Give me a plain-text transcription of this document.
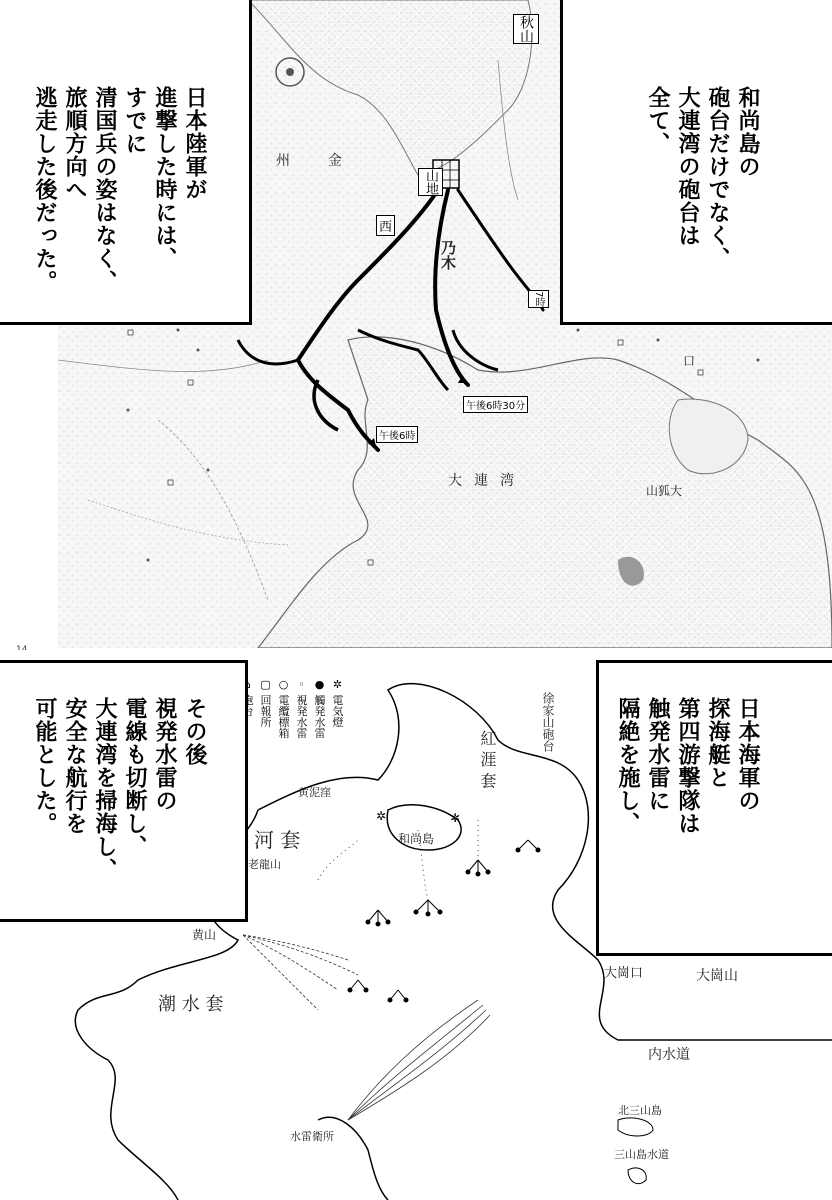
秋山
山地
西
乃木
金
州
大連湾
山狐大
口
午後6時30分
午後6時
7時
日本陸軍が
進撃した時には、
すでに
清国兵の姿はなく、
旅順方向へ
逃走した後だった。	和尚島の
砲台だけでなく、
大連湾の砲台は
全て、
✲	✲
✲ 電気燈
● 觸発水雷
◦ 視発水雷
○ 電纜標箱
▢ 回報所	徐家山砲台
紅 涯 套
河 套
潮 水 套
和尚島
黄山
老龍山
黄泥窪
大崗口	大崗山
内水道
北三山島
三山島水道
水雷衛所
その後
視発水雷の
電線も切断し、
大連湾を掃海し、
安全な航行を
可能とした。	日本海軍の
探海艇と
第四游撃隊は
触発水雷に
隔絶を施し、
